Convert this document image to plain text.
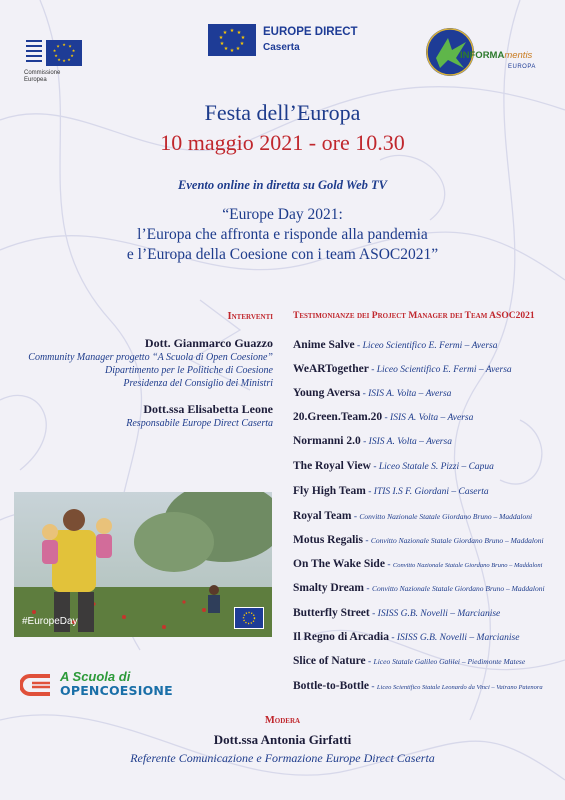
★ ★
★
★
★
★
★
★
★
★
Commissione
Europea
★ ★
★
★
★
★
★
★
★
★	EUROPE DIRECT
Caserta
INFORMAmentis
EUROPA
Festa dell’Europa
10 maggio 2021 - ore 10.30
Evento online in diretta su Gold Web TV
“Europe Day 2021:
l’Europa che affronta e risponde alla pandemia
e l’Europa della Coesione con i team ASOC2021”
Interventi
Dott. Gianmarco Guazzo
Community Manager progetto “A Scuola di Open Coesione”
Dipartimento per le Politiche di Coesione
Presidenza del Consiglio dei Ministri
Dott.ssa Elisabetta Leone
Responsabile Europe Direct Caserta
#EuropeDay
A Scuola di
OPENCOESIONE
Testimonianze dei Project Manager dei Team ASOC2021
Anime Salve - Liceo Scientifico E. Fermi – Aversa
WeARTogether - Liceo Scientifico E. Fermi – Aversa
Young Aversa - ISIS A. Volta – Aversa
20.Green.Team.20 - ISIS A. Volta – Aversa
Normanni 2.0 - ISIS A. Volta – Aversa
The Royal View - Liceo Statale S. Pizzi – Capua
Fly High Team - ITIS I.S F. Giordani – Caserta
Royal Team - Convitto Nazionale Statale Giordano Bruno – Maddaloni
Motus Regalis - Convitto Nazionale Statale Giordano Bruno – Maddaloni
On The Wake Side - Convitto Nazionale Statale Giordano Bruno – Maddaloni
Smalty Dream - Convitto Nazionale Statale Giordano Bruno – Maddaloni
Butterfly Street - ISISS G.B. Novelli – Marcianise
Il Regno di Arcadia - ISISS G.B. Novelli – Marcianise
Slice of Nature - Liceo Statale Galileo Galilei – Piedimonte Matese
Bottle-to-Bottle - Liceo Scientifico Statale Leonardo da Vinci – Vairano Patenora
Modera
Dott.ssa Antonia Girfatti
Referente Comunicazione e Formazione Europe Direct Caserta
